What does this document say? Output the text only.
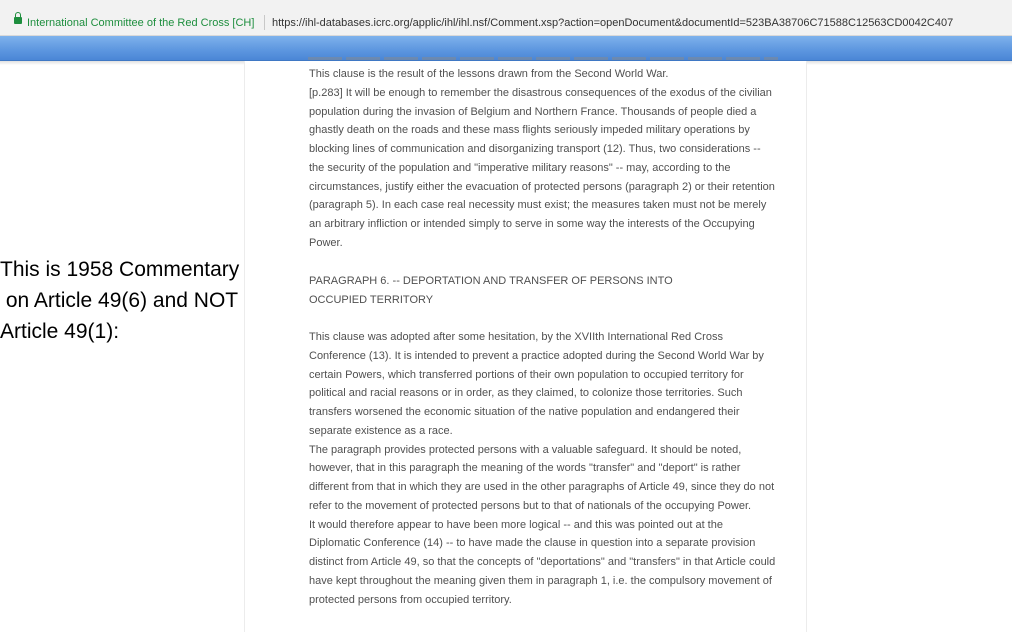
International Committee of the Red Cross [CH] https://ihl-databases.icrc.org/applic/ihl/ihl.nsf/Comment.xsp?action=openDocument&documentId=523BA38706C71588C12563CD0042C407

This clause is the result of the lessons drawn from the Second World War.
[p.283] It will be enough to remember the disastrous consequences of the exodus of the civilian
population during the invasion of Belgium and Northern France. Thousands of people died a
ghastly death on the roads and these mass flights seriously impeded military operations by
blocking lines of communication and disorganizing transport (12). Thus, two considerations --
the security of the population and "imperative military reasons" -- may, according to the
circumstances, justify either the evacuation of protected persons (paragraph 2) or their retention
(paragraph 5). In each case real necessity must exist; the measures taken must not be merely
an arbitrary infliction or intended simply to serve in some way the interests of the Occupying
Power.

PARAGRAPH 6. -- DEPORTATION AND TRANSFER OF PERSONS INTO
OCCUPIED TERRITORY

This clause was adopted after some hesitation, by the XVIIth International Red Cross
Conference (13). It is intended to prevent a practice adopted during the Second World War by
certain Powers, which transferred portions of their own population to occupied territory for
political and racial reasons or in order, as they claimed, to colonize those territories. Such
transfers worsened the economic situation of the native population and endangered their
separate existence as a race.
The paragraph provides protected persons with a valuable safeguard. It should be noted,
however, that in this paragraph the meaning of the words "transfer" and "deport" is rather
different from that in which they are used in the other paragraphs of Article 49, since they do not
refer to the movement of protected persons but to that of nationals of the occupying Power.
It would therefore appear to have been more logical -- and this was pointed out at the
Diplomatic Conference (14) -- to have made the clause in question into a separate provision
distinct from Article 49, so that the concepts of "deportations" and "transfers" in that Article could
have kept throughout the meaning given them in paragraph 1, i.e. the compulsory movement of
protected persons from occupied territory.

This is 1958 Commentary
on Article 49(6) and NOT
Article 49(1):
